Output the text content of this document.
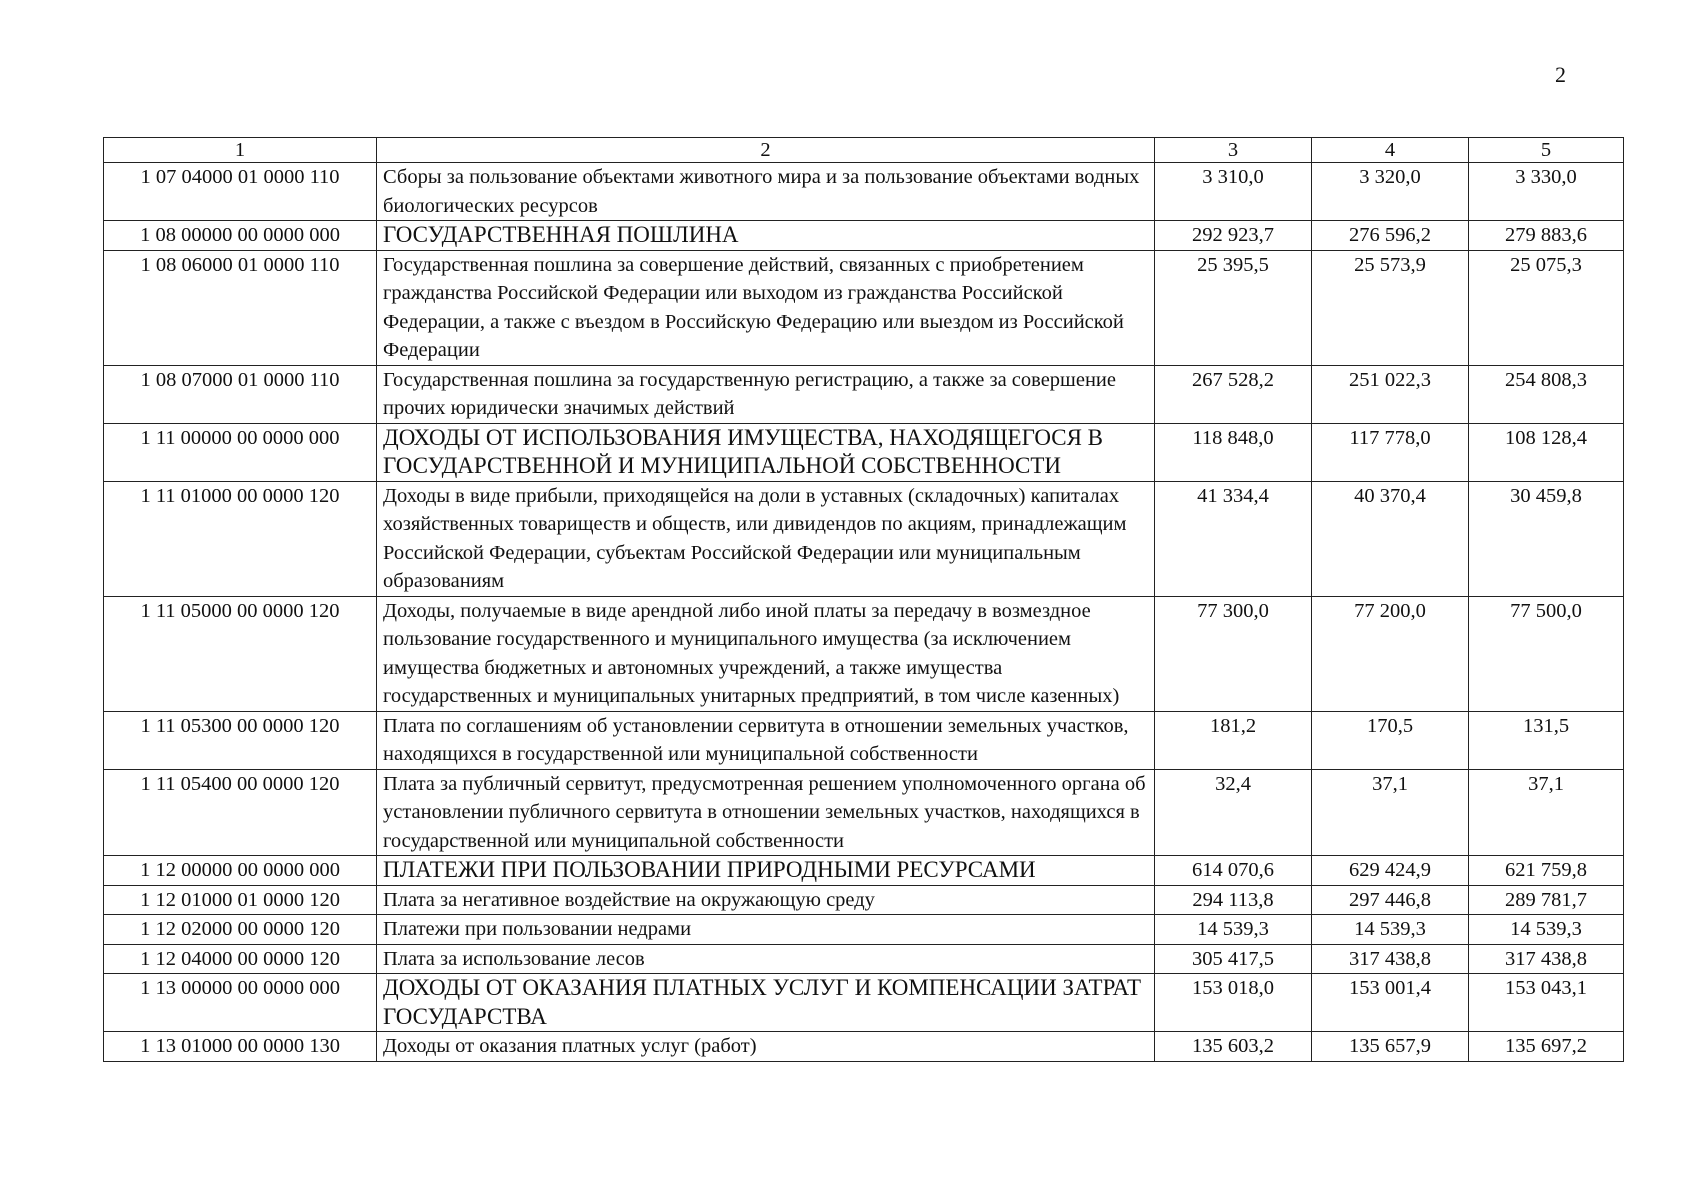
2
1	2	3	4	5
1 07 04000 01 0000 110	Сборы за пользование объектами животного мира и за пользование объектами водных биологических ресурсов	3 310,0	3 320,0	3 330,0
1 08 00000 00 0000 000	ГОСУДАРСТВЕННАЯ ПОШЛИНА	292 923,7	276 596,2	279 883,6
1 08 06000 01 0000 110	Государственная пошлина за совершение действий, связанных с приобретением гражданства Российской Федерации или выходом из гражданства Российской Федерации, а также с въездом в Российскую Федерацию или выездом из Российской Федерации	25 395,5	25 573,9	25 075,3
1 08 07000 01 0000 110	Государственная пошлина за государственную регистрацию, а также за совершение прочих юридически значимых действий	267 528,2	251 022,3	254 808,3
1 11 00000 00 0000 000	ДОХОДЫ ОТ ИСПОЛЬЗОВАНИЯ ИМУЩЕСТВА, НАХОДЯЩЕГОСЯ В ГОСУДАРСТВЕННОЙ И МУНИЦИПАЛЬНОЙ СОБСТВЕННОСТИ	118 848,0	117 778,0	108 128,4
1 11 01000 00 0000 120	Доходы в виде прибыли, приходящейся на доли в уставных (складочных) капиталах хозяйственных товариществ и обществ, или дивидендов по акциям, принадлежащим Российской Федерации, субъектам Российской Федерации или муниципальным образованиям	41 334,4	40 370,4	30 459,8
1 11 05000 00 0000 120	Доходы, получаемые в виде арендной либо иной платы за передачу в возмездное пользование государственного и муниципального имущества (за исключением имущества бюджетных и автономных учреждений, а также имущества государственных и муниципальных унитарных предприятий, в том числе казенных)	77 300,0	77 200,0	77 500,0
1 11 05300 00 0000 120	Плата по соглашениям об установлении сервитута в отношении земельных участков, находящихся в государственной или муниципальной собственности	181,2	170,5	131,5
1 11 05400 00 0000 120	Плата за публичный сервитут, предусмотренная решением уполномоченного органа об установлении публичного сервитута в отношении земельных участков, находящихся в государственной или муниципальной собственности	32,4	37,1	37,1
1 12 00000 00 0000 000	ПЛАТЕЖИ ПРИ ПОЛЬЗОВАНИИ ПРИРОДНЫМИ РЕСУРСАМИ	614 070,6	629 424,9	621 759,8
1 12 01000 01 0000 120	Плата за негативное воздействие на окружающую среду	294 113,8	297 446,8	289 781,7
1 12 02000 00 0000 120	Платежи при пользовании недрами	14 539,3	14 539,3	14 539,3
1 12 04000 00 0000 120	Плата за использование лесов	305 417,5	317 438,8	317 438,8
1 13 00000 00 0000 000	ДОХОДЫ ОТ ОКАЗАНИЯ ПЛАТНЫХ УСЛУГ И КОМПЕНСАЦИИ ЗАТРАТ ГОСУДАРСТВА	153 018,0	153 001,4	153 043,1
1 13 01000 00 0000 130	Доходы от оказания платных услуг (работ)	135 603,2	135 657,9	135 697,2
